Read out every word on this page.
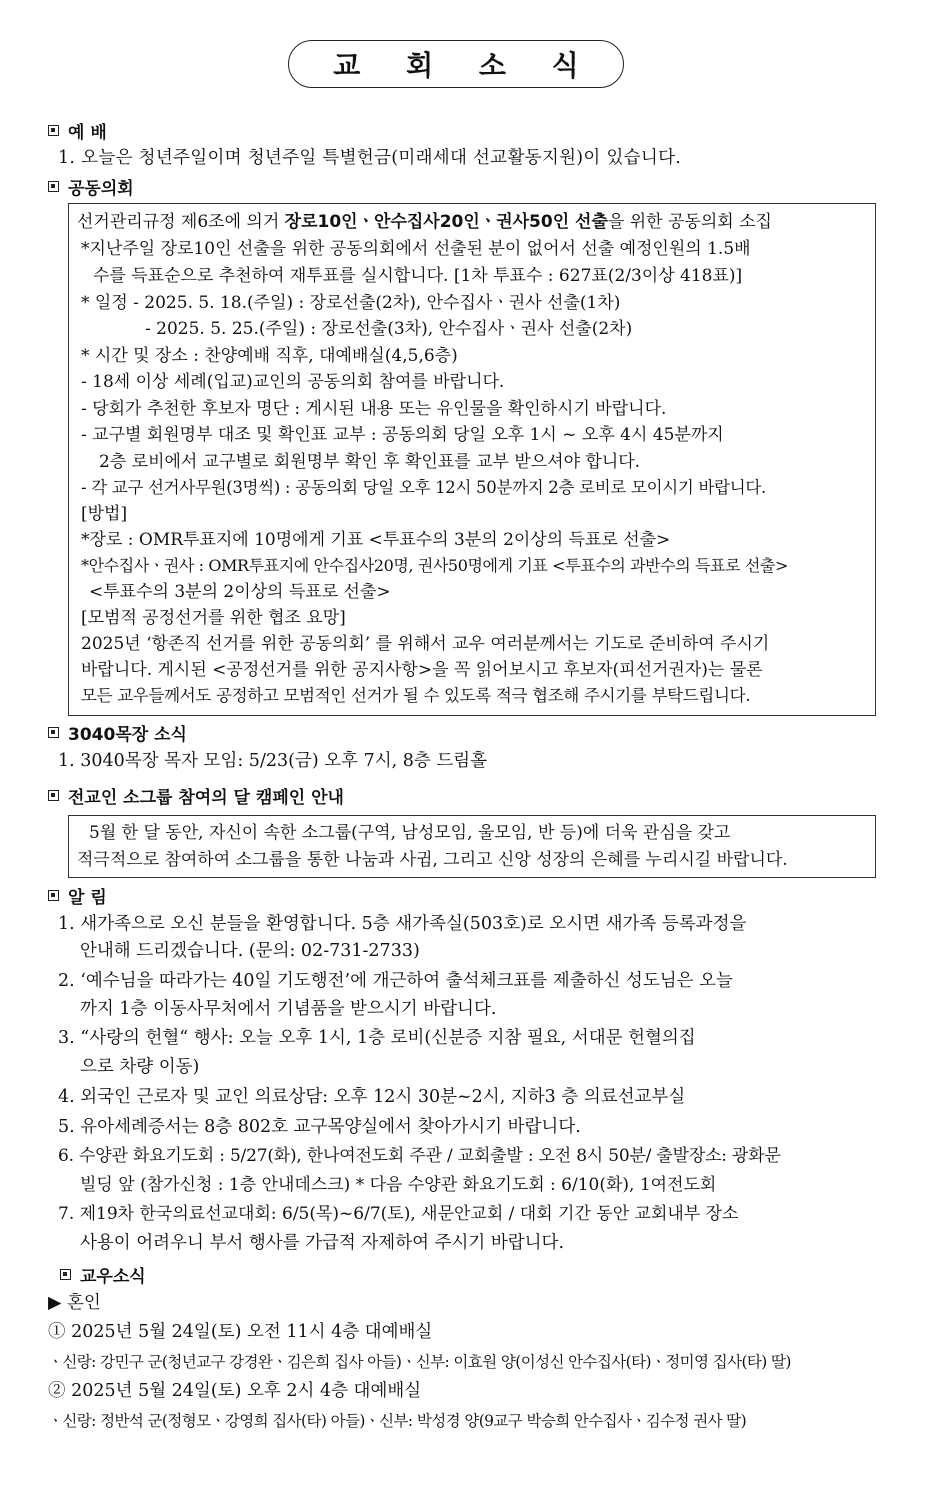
교 회 소 식
예 배
1. 오늘은 청년주일이며 청년주일 특별헌금(미래세대 선교활동지원)이 있습니다.
공동의회
선거관리규정 제6조에 의거 장로10인ㆍ안수집사20인ㆍ권사50인 선출을 위한 공동의회 소집
*지난주일 장로10인 선출을 위한 공동의회에서 선출된 분이 없어서 선출 예정인원의 1.5배
수를 득표순으로 추천하여 재투표를 실시합니다. [1차 투표수 : 627표(2/3이상 418표)]
* 일정 - 2025. 5. 18.(주일) : 장로선출(2차), 안수집사ㆍ권사 선출(1차)
- 2025. 5. 25.(주일) : 장로선출(3차), 안수집사ㆍ권사 선출(2차)
* 시간 및 장소 : 찬양예배 직후, 대예배실(4,5,6층)
- 18세 이상 세례(입교)교인의 공동의회 참여를 바랍니다.
- 당회가 추천한 후보자 명단 : 게시된 내용 또는 유인물을 확인하시기 바랍니다.
- 교구별 회원명부 대조 및 확인표 교부 : 공동의회 당일 오후 1시 ~ 오후 4시 45분까지
2층 로비에서 교구별로 회원명부 확인 후 확인표를 교부 받으셔야 합니다.
- 각 교구 선거사무원(3명씩) : 공동의회 당일 오후 12시 50분까지 2층 로비로 모이시기 바랍니다.
[방법]
*장로 : OMR투표지에 10명에게 기표 <투표수의 3분의 2이상의 득표로 선출>
*안수집사ㆍ권사 : OMR투표지에 안수집사20명, 권사50명에게 기표 <투표수의 과반수의 득표로 선출>
<투표수의 3분의 2이상의 득표로 선출>
[모범적 공정선거를 위한 협조 요망]
2025년 ‘항존직 선거를 위한 공동의회’ 를 위해서 교우 여러분께서는 기도로 준비하여 주시기
바랍니다. 게시된 <공정선거를 위한 공지사항>을 꼭 읽어보시고 후보자(피선거권자)는 물론
모든 교우들께서도 공정하고 모범적인 선거가 될 수 있도록 적극 협조해 주시기를 부탁드립니다.
3040목장 소식
1. 3040목장 목자 모임: 5/23(금) 오후 7시, 8층 드림홀
전교인 소그룹 참여의 달 캠페인 안내
5월 한 달 동안, 자신이 속한 소그룹(구역, 남성모임, 울모임, 반 등)에 더욱 관심을 갖고
적극적으로 참여하여 소그룹을 통한 나눔과 사귐, 그리고 신앙 성장의 은혜를 누리시길 바랍니다.
알 림
1. 새가족으로 오신 분들을 환영합니다. 5층 새가족실(503호)로 오시면 새가족 등록과정을
안내해 드리겠습니다. (문의: 02-731-2733)
2. ‘예수님을 따라가는 40일 기도행전’에 개근하여 출석체크표를 제출하신 성도님은 오늘
까지 1층 이동사무처에서 기념품을 받으시기 바랍니다.
3. “사랑의 헌혈“ 행사: 오늘 오후 1시, 1층 로비(신분증 지참 필요, 서대문 헌혈의집
으로 차량 이동)
4. 외국인 근로자 및 교인 의료상담: 오후 12시 30분~2시, 지하3 층 의료선교부실
5. 유아세례증서는 8층 802호 교구목양실에서 찾아가시기 바랍니다.
6. 수양관 화요기도회 : 5/27(화), 한나여전도회 주관 / 교회출발 : 오전 8시 50분/ 출발장소: 광화문
빌딩 앞 (참가신청 : 1층 안내데스크) * 다음 수양관 화요기도회 : 6/10(화), 1여전도회
7. 제19차 한국의료선교대회: 6/5(목)~6/7(토), 새문안교회 / 대회 기간 동안 교회내부 장소
사용이 어려우니 부서 행사를 가급적 자제하여 주시기 바랍니다.
교우소식
▶ 혼인
① 2025년 5월 24일(토) 오전 11시 4층 대예배실
ㆍ신랑: 강민구 군(청년교구 강경완ㆍ김은희 집사 아들)ㆍ신부: 이효원 양(이성신 안수집사(타)ㆍ정미영 집사(타) 딸)
② 2025년 5월 24일(토) 오후 2시 4층 대예배실
ㆍ신랑: 정반석 군(정형모ㆍ강영희 집사(타) 아들)ㆍ신부: 박성경 양(9교구 박승희 안수집사ㆍ김수정 권사 딸)
